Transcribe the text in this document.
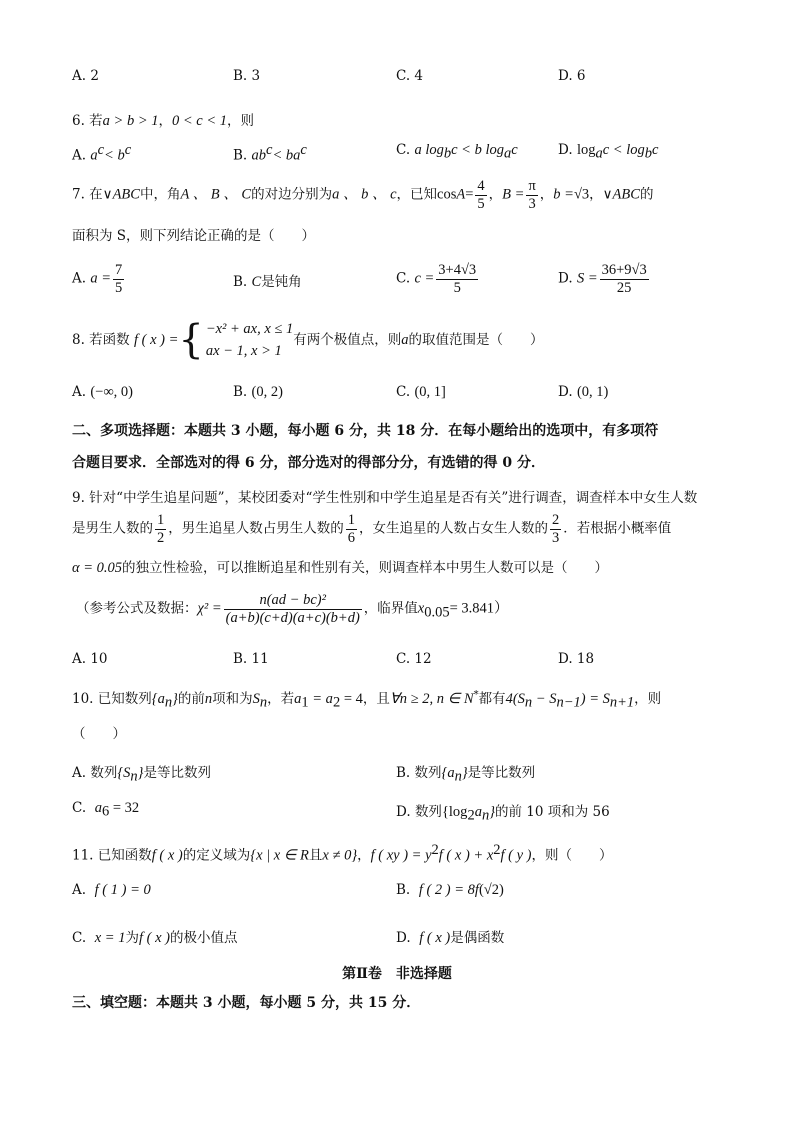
A. 2	B. 3	C. 4	D. 6
6. 若a > b > 1，0 < c < 1，则
A. $a^c< b^c$	B. $ab^c< ba^c$	C. a $\log_bc < b$ $\log_ac$	D. $\log_ac < \log_bc$
7. 在∨ABC中，角A 、 B 、 C的对边分别为a 、 b 、 c，已知$\cos A= \frac{4}{5}$ ，$B = \frac{\pi}{3}$ ，b =√3，∨ABC的
面积为 S，则下列结论正确的是（　　）
A. $a = \frac{7}{5}$	B. C是钝角	C. $c = \frac{3+4√3}{5}$	D. $S = \frac{36+9√3}{25}$
8. 若函数 f ( x ) ={ −x² + ax, x ≤ 1
ax − 1, x > 1
有两个极值点，则a的取值范围是（　　）
A. (−∞, 0)	B. (0, 2)	C. (0, 1]	D. (0, 1)
二、多项选择题：本题共 3 小题，每小题 6 分，共 18 分．在每小题给出的选项中，有多项符
合题目要求．全部选对的得 6 分，部分选对的得部分分，有选错的得 0 分．
9. 针对“中学生追星问题”，某校团委对“学生性别和中学生追星是否有关”进行调查，调查样本中女生人数
是男生人数的 $\frac{1}{2}$ ，男生追星人数占男生人数的 $\frac{1}{6}$ ，女生追星的人数占女生人数的 $\frac{2}{3}$ ．若根据小概率值
α = 0.05的独立性检验，可以推断追星和性别有关，则调查样本中男生人数可以是（　　）
（参考公式及数据：$\chi^2 = \frac{\text{n(ad − bc)²}}{(a+b)(c+d)(a+c)(b+d)}$ ，临界值$x_{0.05}= 3.841$）
A. 10	B. 11	C. 12	D. 18
10. 已知数列$\{a_n\}$的前n项和为$S_n$，若$a_1 = a_2 = 4$，且∀n ≥ 2, n ∈ N*都有$4(S_n - S_{n-1}) = S_{n+1}$，则
（　　）
A. 数列$\{S_n\}$是等比数列	B. 数列$\{a_n\}$是等比数列
C. $a_6 = 32$	D. 数列$\{\log_2a_n\}$的前 10 项和为 56
11. 已知函数f ( x )的定义域为{x | x ∈ R且x ≠ 0}，f ( xy ) = $y^2f$ ( x ) + $x^2f$ ( y )，则（　　）
A. f ( 1 ) = 0	B. f ( 2 ) = 8f(√2)
C. x = 1为f ( x )的极小值点	D. f ( x )是偶函数
第Ⅱ卷　非选择题
三、填空题：本题共 3 小题，每小题 5 分，共 15 分．
